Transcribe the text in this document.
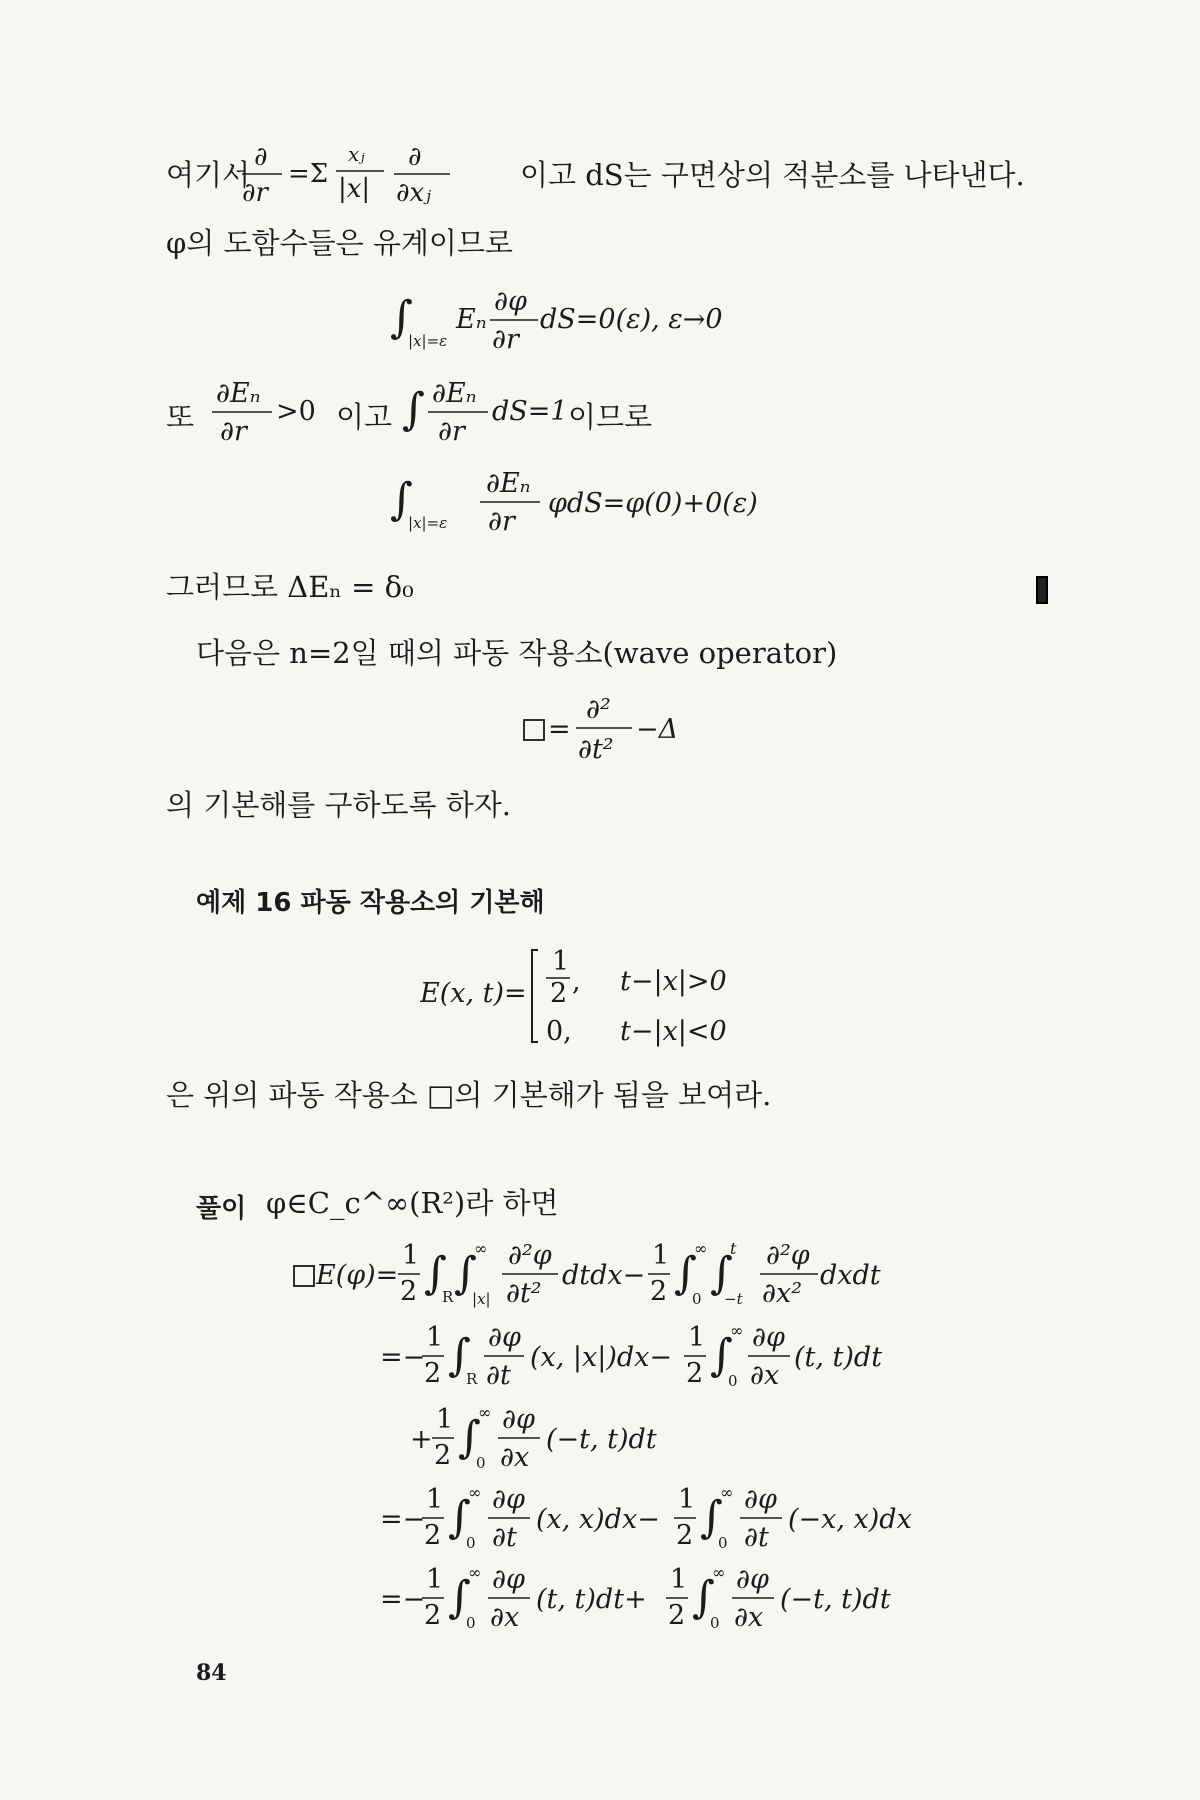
여기서
∂
∂r
=Σ
xⱼ
|x|
∂
∂xⱼ
이고 dS는 구면상의 적분소를 나타낸다.
φ의 도함수들은 유계이므로
∫
|x|=ε
Eₙ
∂φ
∂r
dS=0(ε), ε→0
또
∂Eₙ
∂r
>0 ∫ ∂Eₙ
∂r
dS=1
이고	이므로
∫
|x|=ε
∂Eₙ
∂r
φdS=φ(0)+0(ε)
그러므로 ΔEₙ = δ₀
다음은 n=2일 때의 파동 작용소(wave operator)
=
∂²
∂t²
−Δ
의 기본해를 구하도록 하자.
예제 16 파동 작용소의 기본해
E(x, t)=
1
2 , t−|x|>0
0, t−|x|<0
은 위의 파동 작용소 □의 기본해가 됨을 보여라.
풀이 φ∈C_c^∞(R²)라 하면
E(φ)=
1
2 ∫
R ∫
∞
|x|
∂²φ
∂t²
dtdx−
1
2 ∫
∞
0 ∫
t
−t
∂²φ
∂x²
dxdt
=−
1
2 ∫
R
∂φ
∂t
(x, |x|)dx−
1
2 ∫
∞
0
∂φ
∂x
(t, t)dt
+
1
2 ∫
∞
0
∂φ
∂x
(−t, t)dt
=−
1
2 ∫
∞
0
∂φ
∂t
(x, x)dx−
1
2 ∫
∞
0
∂φ
∂t
(−x, x)dx
=−
1
2 ∫
∞
0
∂φ
∂x
(t, t)dt+
1
2 ∫
∞
0
∂φ
∂x
(−t, t)dt
84
